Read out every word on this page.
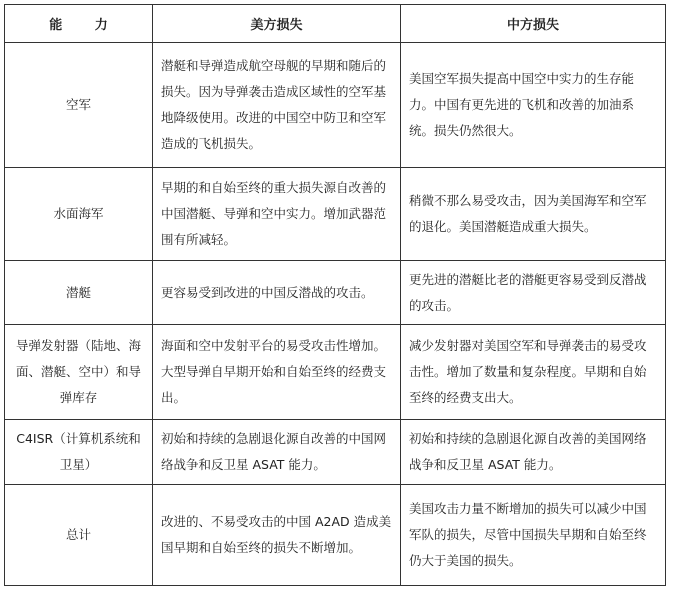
能 力	美方损失	中方损失
空军	潜艇和导弹造成航空母舰的早期和随后的损失。因为导弹袭击造成区域性的空军基地降级使用。改进的中国空中防卫和空军造成的飞机损失。	美国空军损失提高中国空中实力的生存能力。中国有更先进的飞机和改善的加油系统。损失仍然很大。
水面海军	早期的和自始至终的重大损失源自改善的中国潜艇、导弹和空中实力。增加武器范围有所减轻。	稍微不那么易受攻击，因为美国海军和空军的退化。美国潜艇造成重大损失。
潜艇	更容易受到改进的中国反潜战的攻击。	更先进的潜艇比老的潜艇更容易受到反潜战的攻击。
导弹发射器（陆地、海面、潜艇、空中）和导弹库存	海面和空中发射平台的易受攻击性增加。大型导弹自早期开始和自始至终的经费支出。	减少发射器对美国空军和导弹袭击的易受攻击性。增加了数量和复杂程度。早期和自始至终的经费支出大。
C4ISR（计算机系统和卫星）	初始和持续的急剧退化源自改善的中国网络战争和反卫星 ASAT 能力。	初始和持续的急剧退化源自改善的美国网络战争和反卫星 ASAT 能力。
总计	改进的、不易受攻击的中国 A2AD 造成美国早期和自始至终的损失不断增加。	美国攻击力量不断增加的损失可以减少中国军队的损失，尽管中国损失早期和自始至终仍大于美国的损失。
